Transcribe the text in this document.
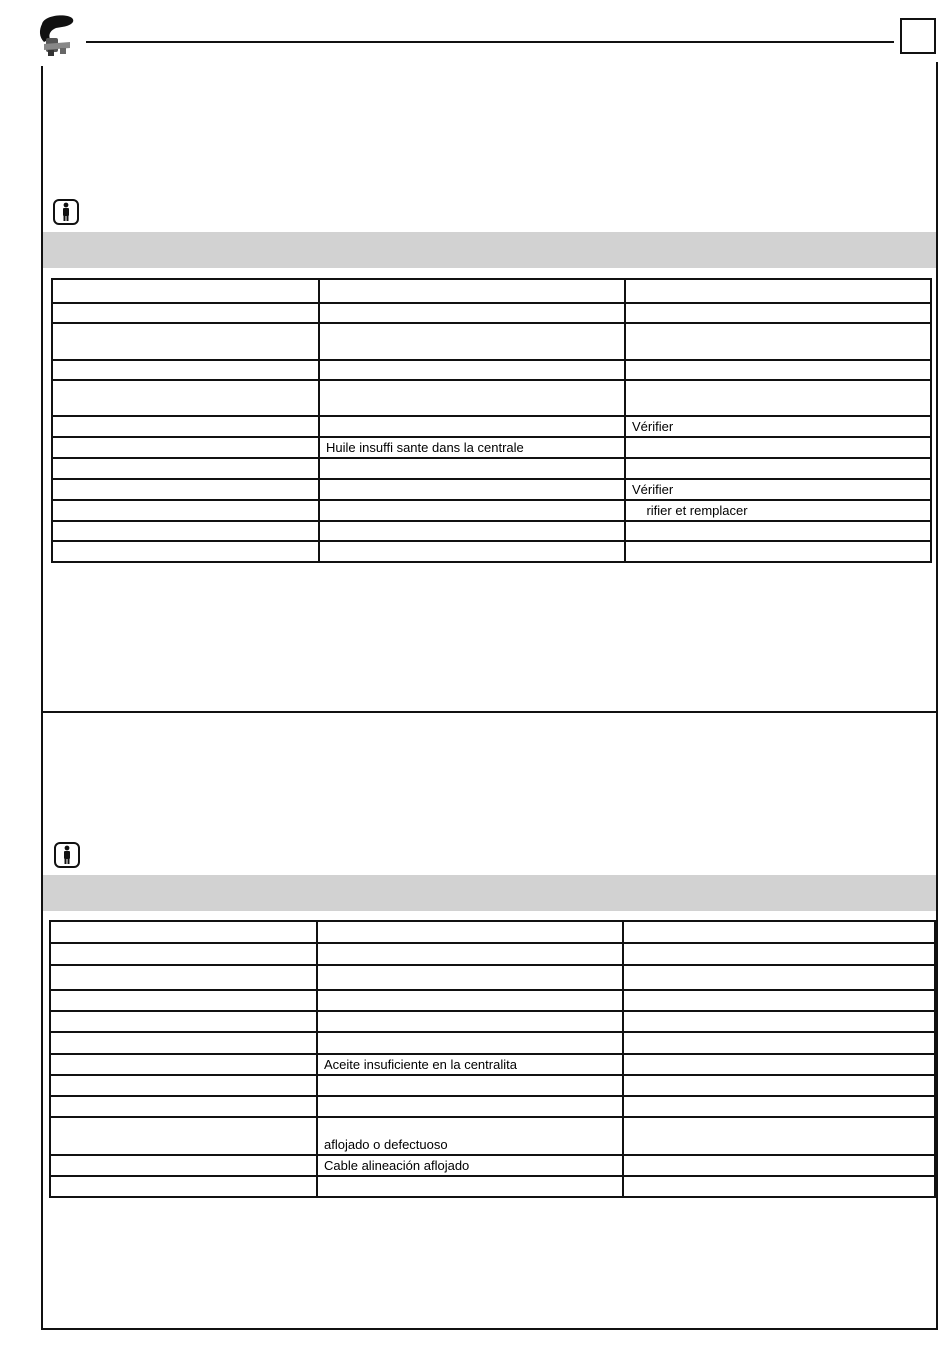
		Vérifier
	Huile insuffi sante dans la centrale	

		Vérifier
		rifier et remplacer

	Aceite insuficiente en la centralita	

	aflojado o defectuoso	
	Cable alineación aflojado	
